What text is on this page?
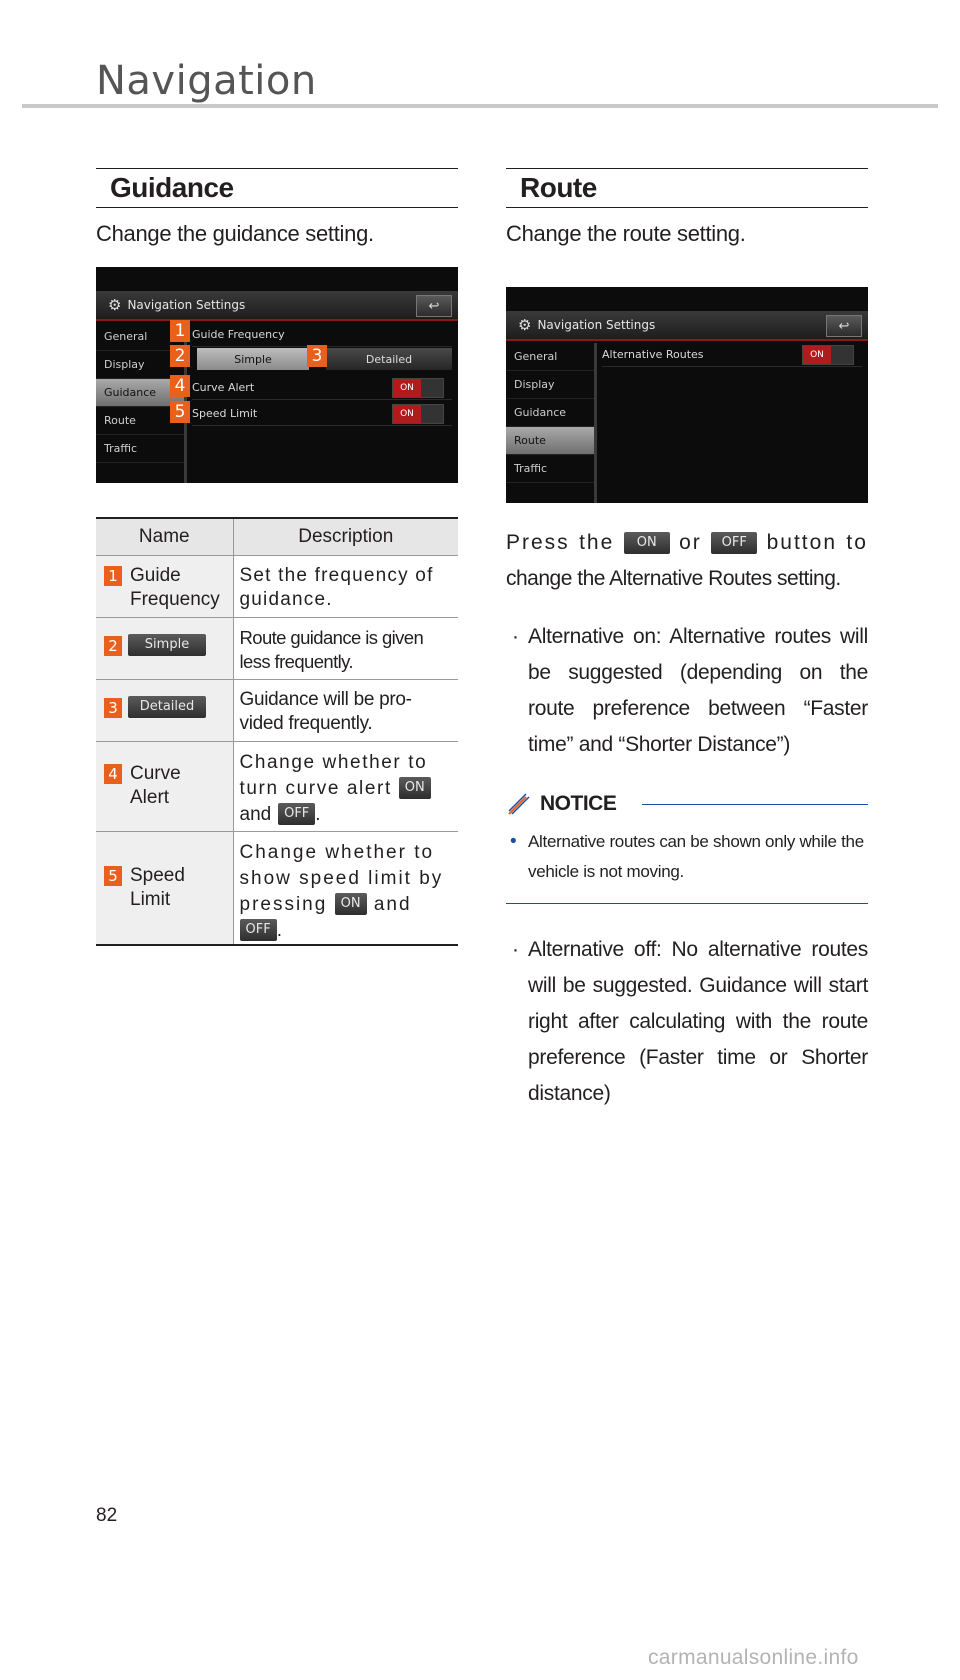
Navigation
Guidance
Change the guidance setting.
⚙ Navigation Settings	↩
General
Display
Guidance
Route
Traffic
Guide Frequency
Simple	Detailed
Curve Alert	ON
Speed Limit	ON
1
2	3
4
5
Name	Description

1 Guide
Frequency	Set the frequency of guidance.

2 Simple	Route guidance is given less frequently.

3 Detailed	Guidance will be pro-vided frequently.

4 Curve
Alert	Change whether to turn curve alert ON and OFF .

5 Speed
Limit	Change whether to show speed limit by pressing ON and OFF .
Route
Change the route setting.
⚙ Navigation Settings	↩
General
Display
Guidance
Route
Traffic
Alternative Routes	ON
Press the	ON	or	OFF button to
change the Alternative Routes setting.
· Alternative on: Alternative routes will be suggested (depending on the route preference between “Faster time” and “Shorter Distance”)
NOTICE
• Alternative routes can be shown only while the vehicle is not moving.
· Alternative off: No alternative routes will be suggested. Guidance will start right after calculating with the route preference (Faster time or Shorter distance)
82
carmanualsonline.info
